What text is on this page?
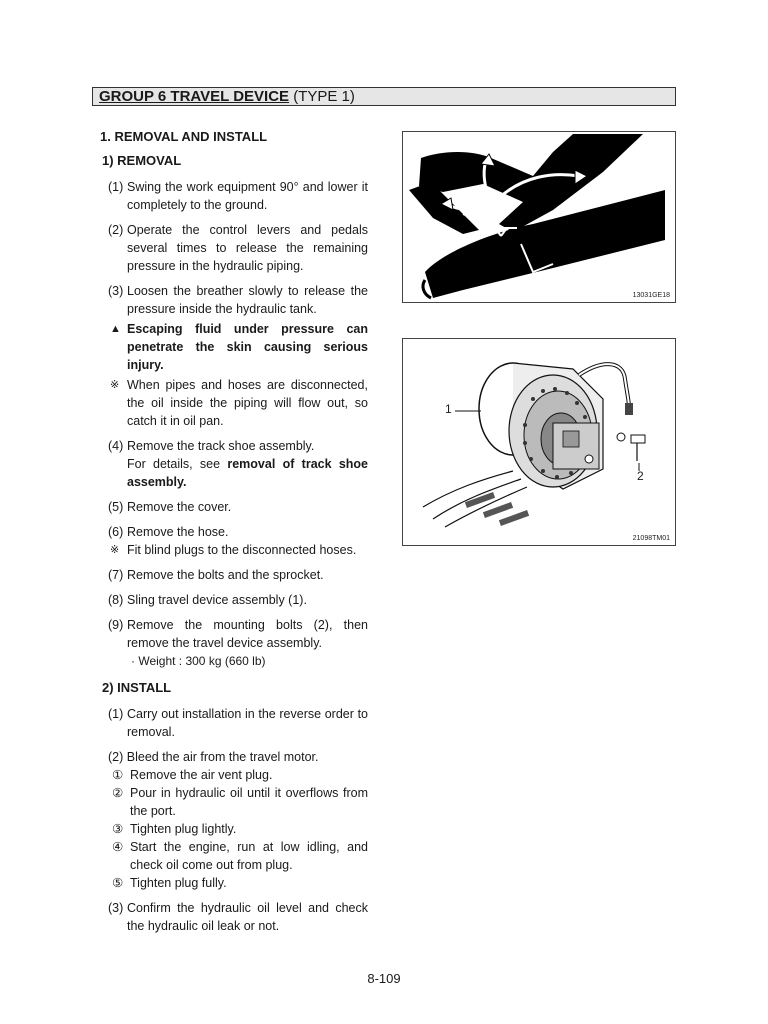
GROUP 6 TRAVEL DEVICE (TYPE 1)
1. REMOVAL AND INSTALL
1) REMOVAL
(1) Swing the work equipment 90° and lower it completely to the ground.
(2) Operate the control levers and pedals several times to release the remaining pressure in the hydraulic piping.
(3) Loosen the breather slowly to release the pressure inside the hydraulic tank.
▲ Escaping fluid under pressure can penetrate the skin causing serious injury.
※ When pipes and hoses are disconnected, the oil inside the piping will flow out, so catch it in oil pan.
(4) Remove the track shoe assembly.
For details, see removal of track shoe assembly.
(5) Remove the cover.
(6) Remove the hose.
※ Fit blind plugs to the disconnected hoses.
(7) Remove the bolts and the sprocket.
(8) Sling travel device assembly (1).
(9) Remove the mounting bolts (2), then remove the travel device assembly.
· Weight : 300 kg (660 lb)
2) INSTALL
(1) Carry out installation in the reverse order to removal.
(2) Bleed the air from the travel motor.
① Remove the air vent plug.
② Pour in hydraulic oil until it overflows from the port.
③ Tighten plug lightly.
④ Start the engine, run at low idling, and check oil come out from plug.
⑤ Tighten plug fully.
(3) Confirm the hydraulic oil level and check the hydraulic oil leak or not.
13031GE18
1
2
21098TM01
8-109
